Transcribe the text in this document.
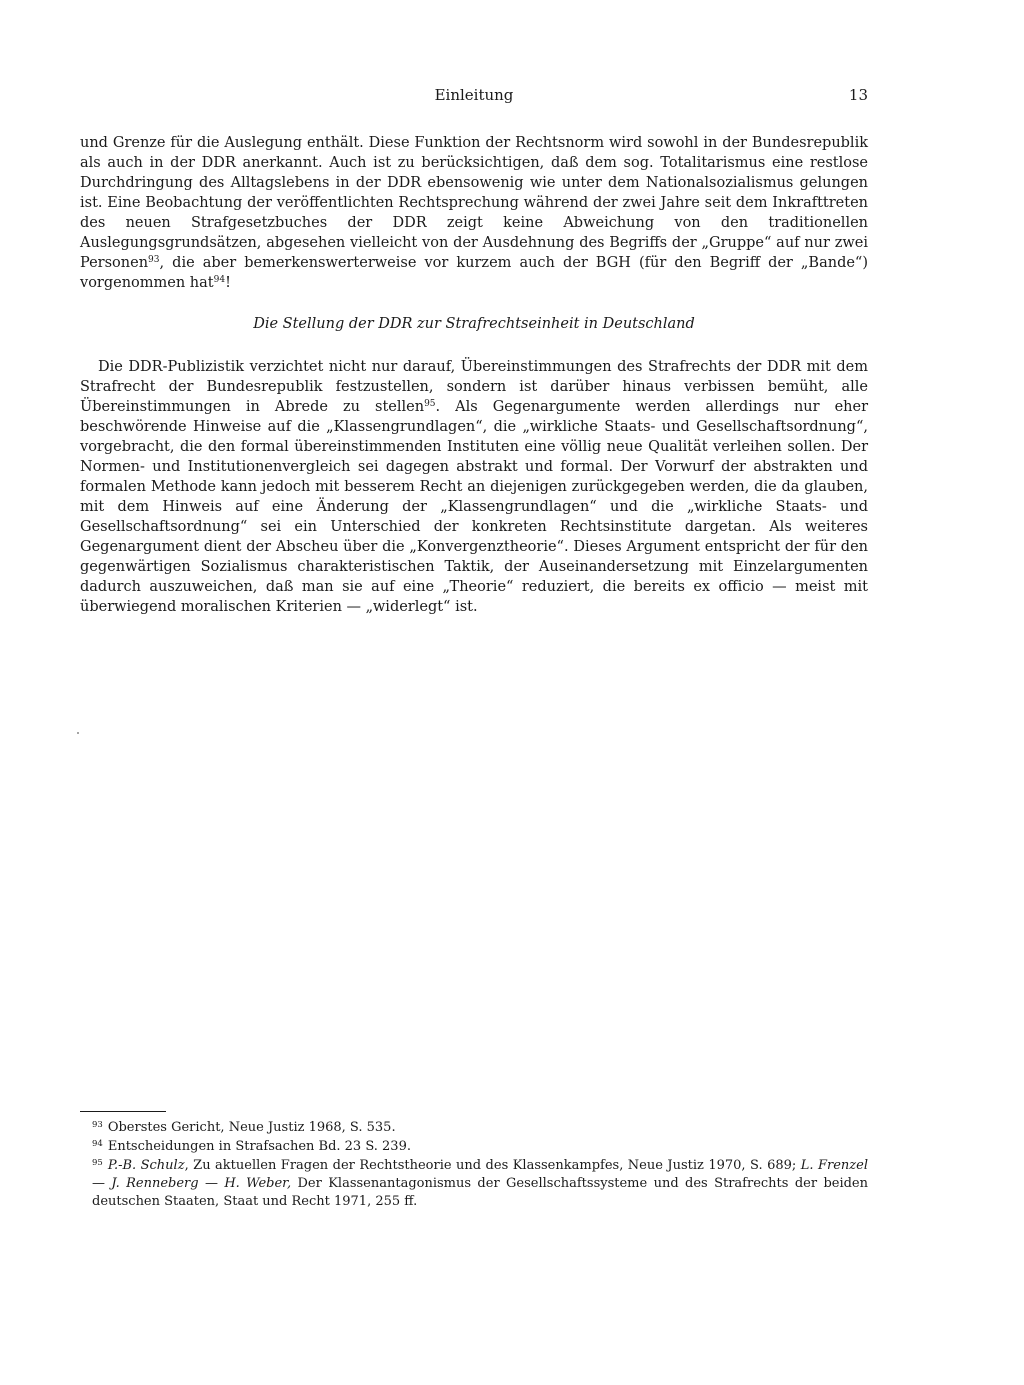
Einleitung	13

und Grenze für die Auslegung enthält. Diese Funktion der Rechtsnorm wird sowohl in der Bundesrepublik als auch in der DDR anerkannt. Auch ist zu berücksichtigen, daß dem sog. Totalitarismus eine restlose Durchdringung des Alltagslebens in der DDR ebensowenig wie unter dem Nationalsozialismus gelungen ist. Eine Beobachtung der veröffentlichten Rechtsprechung während der zwei Jahre seit dem Inkrafttreten des neuen Strafgesetzbuches der DDR zeigt keine Abweichung von den traditionellen Auslegungsgrundsätzen, abgesehen vielleicht von der Ausdehnung des Begriffs der „Gruppe“ auf nur zwei Personen$^{93}$, die aber bemerkenswerterweise vor kurzem auch der BGH (für den Begriff der „Bande“) vorgenommen hat$^{94}$!

Die Stellung der DDR zur Strafrechtseinheit in Deutschland

Die DDR-Publizistik verzichtet nicht nur darauf, Übereinstimmungen des Strafrechts der DDR mit dem Strafrecht der Bundesrepublik festzustellen, sondern ist darüber hinaus verbissen bemüht, alle Übereinstimmungen in Abrede zu stellen$^{95}$. Als Gegenargumente werden allerdings nur eher beschwörende Hinweise auf die „Klassengrundlagen“, die „wirkliche Staats- und Gesellschaftsordnung“, vorgebracht, die den formal übereinstimmenden Instituten eine völlig neue Qualität verleihen sollen. Der Normen- und Institutionenvergleich sei dagegen abstrakt und formal. Der Vorwurf der abstrakten und formalen Methode kann jedoch mit besserem Recht an diejenigen zurückgegeben werden, die da glauben, mit dem Hinweis auf eine Änderung der „Klassengrundlagen“ und die „wirkliche Staats- und Gesellschaftsordnung“ sei ein Unterschied der konkreten Rechtsinstitute dargetan. Als weiteres Gegenargument dient der Abscheu über die „Konvergenztheorie“. Dieses Argument entspricht der für den gegenwärtigen Sozialismus charakteristischen Taktik, der Auseinandersetzung mit Einzelargumenten dadurch auszuweichen, daß man sie auf eine „Theorie“ reduziert, die bereits ex officio — meist mit überwiegend moralischen Kriterien — „widerlegt“ ist.

$^{93}$ Oberstes Gericht, Neue Justiz 1968, S. 535.

$^{94}$ Entscheidungen in Strafsachen Bd. 23 S. 239.

$^{95}$ P.-B. Schulz, Zu aktuellen Fragen der Rechtstheorie und des Klassenkampfes, Neue Justiz 1970, S. 689; L. Frenzel — J. Renneberg — H. Weber, Der Klassenantagonismus der Gesellschaftssysteme und des Strafrechts der beiden deutschen Staaten, Staat und Recht 1971, 255 ff.
